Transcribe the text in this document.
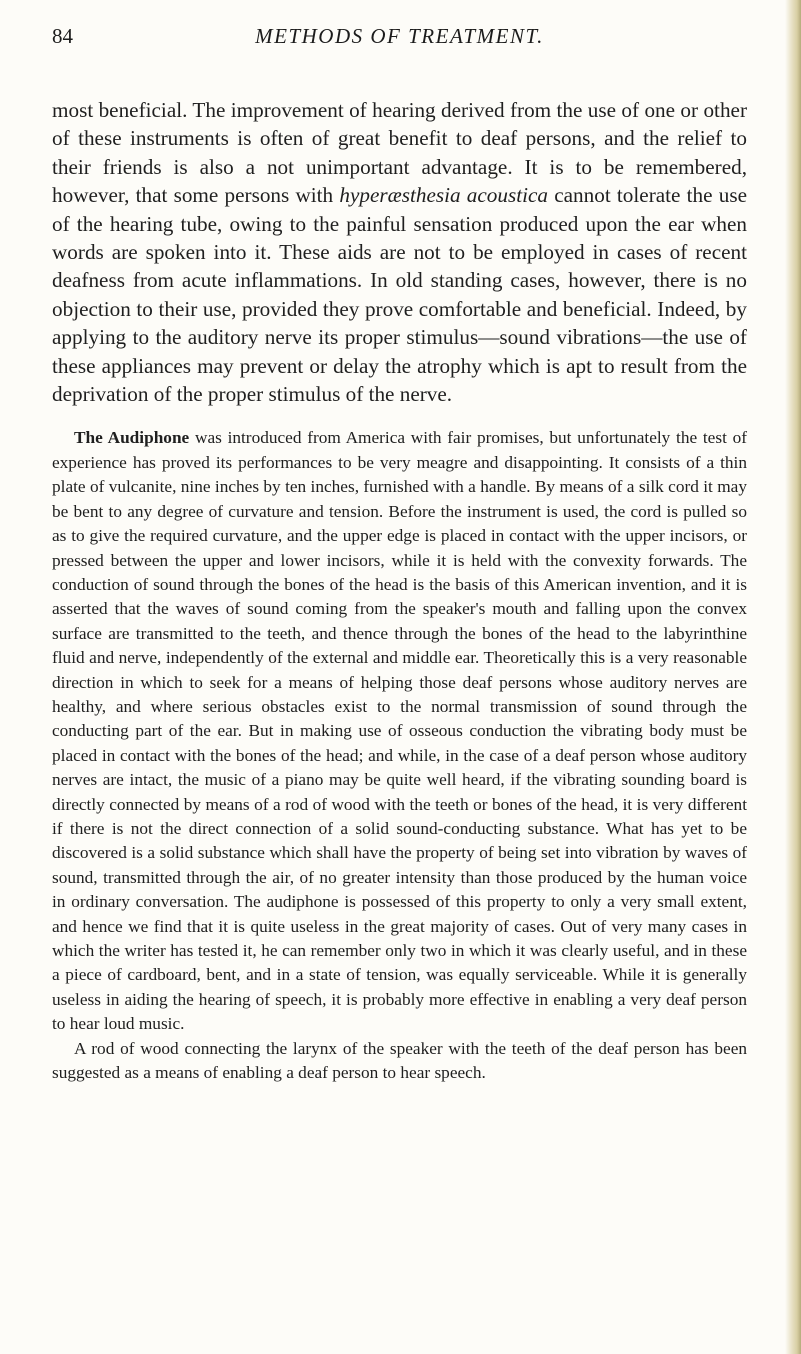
84	METHODS OF TREATMENT.

most beneficial. The improvement of hearing derived from the use of one or other of these instruments is often of great benefit to deaf persons, and the relief to their friends is also a not unimportant advantage. It is to be remembered, however, that some persons with hyperæsthesia acoustica cannot tolerate the use of the hearing tube, owing to the painful sensation produced upon the ear when words are spoken into it. These aids are not to be employed in cases of recent deafness from acute inflammations. In old standing cases, however, there is no objection to their use, provided they prove comfortable and beneficial. Indeed, by applying to the auditory nerve its proper stimulus—sound vibrations—the use of these appliances may prevent or delay the atrophy which is apt to result from the deprivation of the proper stimulus of the nerve.

The Audiphone was introduced from America with fair promises, but unfortunately the test of experience has proved its performances to be very meagre and disappointing. It consists of a thin plate of vulcanite, nine inches by ten inches, furnished with a handle. By means of a silk cord it may be bent to any degree of curvature and tension. Before the instrument is used, the cord is pulled so as to give the required curvature, and the upper edge is placed in contact with the upper incisors, or pressed between the upper and lower incisors, while it is held with the convexity forwards. The conduction of sound through the bones of the head is the basis of this American invention, and it is asserted that the waves of sound coming from the speaker's mouth and falling upon the convex surface are transmitted to the teeth, and thence through the bones of the head to the labyrinthine fluid and nerve, independently of the external and middle ear. Theoretically this is a very reasonable direction in which to seek for a means of helping those deaf persons whose auditory nerves are healthy, and where serious obstacles exist to the normal transmission of sound through the conducting part of the ear. But in making use of osseous conduction the vibrating body must be placed in contact with the bones of the head; and while, in the case of a deaf person whose auditory nerves are intact, the music of a piano may be quite well heard, if the vibrating sounding board is directly connected by means of a rod of wood with the teeth or bones of the head, it is very different if there is not the direct connection of a solid sound-conducting substance. What has yet to be discovered is a solid substance which shall have the property of being set into vibration by waves of sound, transmitted through the air, of no greater intensity than those produced by the human voice in ordinary conversation. The audiphone is possessed of this property to only a very small extent, and hence we find that it is quite useless in the great majority of cases. Out of very many cases in which the writer has tested it, he can remember only two in which it was clearly useful, and in these a piece of cardboard, bent, and in a state of tension, was equally serviceable. While it is generally useless in aiding the hearing of speech, it is probably more effective in enabling a very deaf person to hear loud music.

A rod of wood connecting the larynx of the speaker with the teeth of the deaf person has been suggested as a means of enabling a deaf person to hear speech.
